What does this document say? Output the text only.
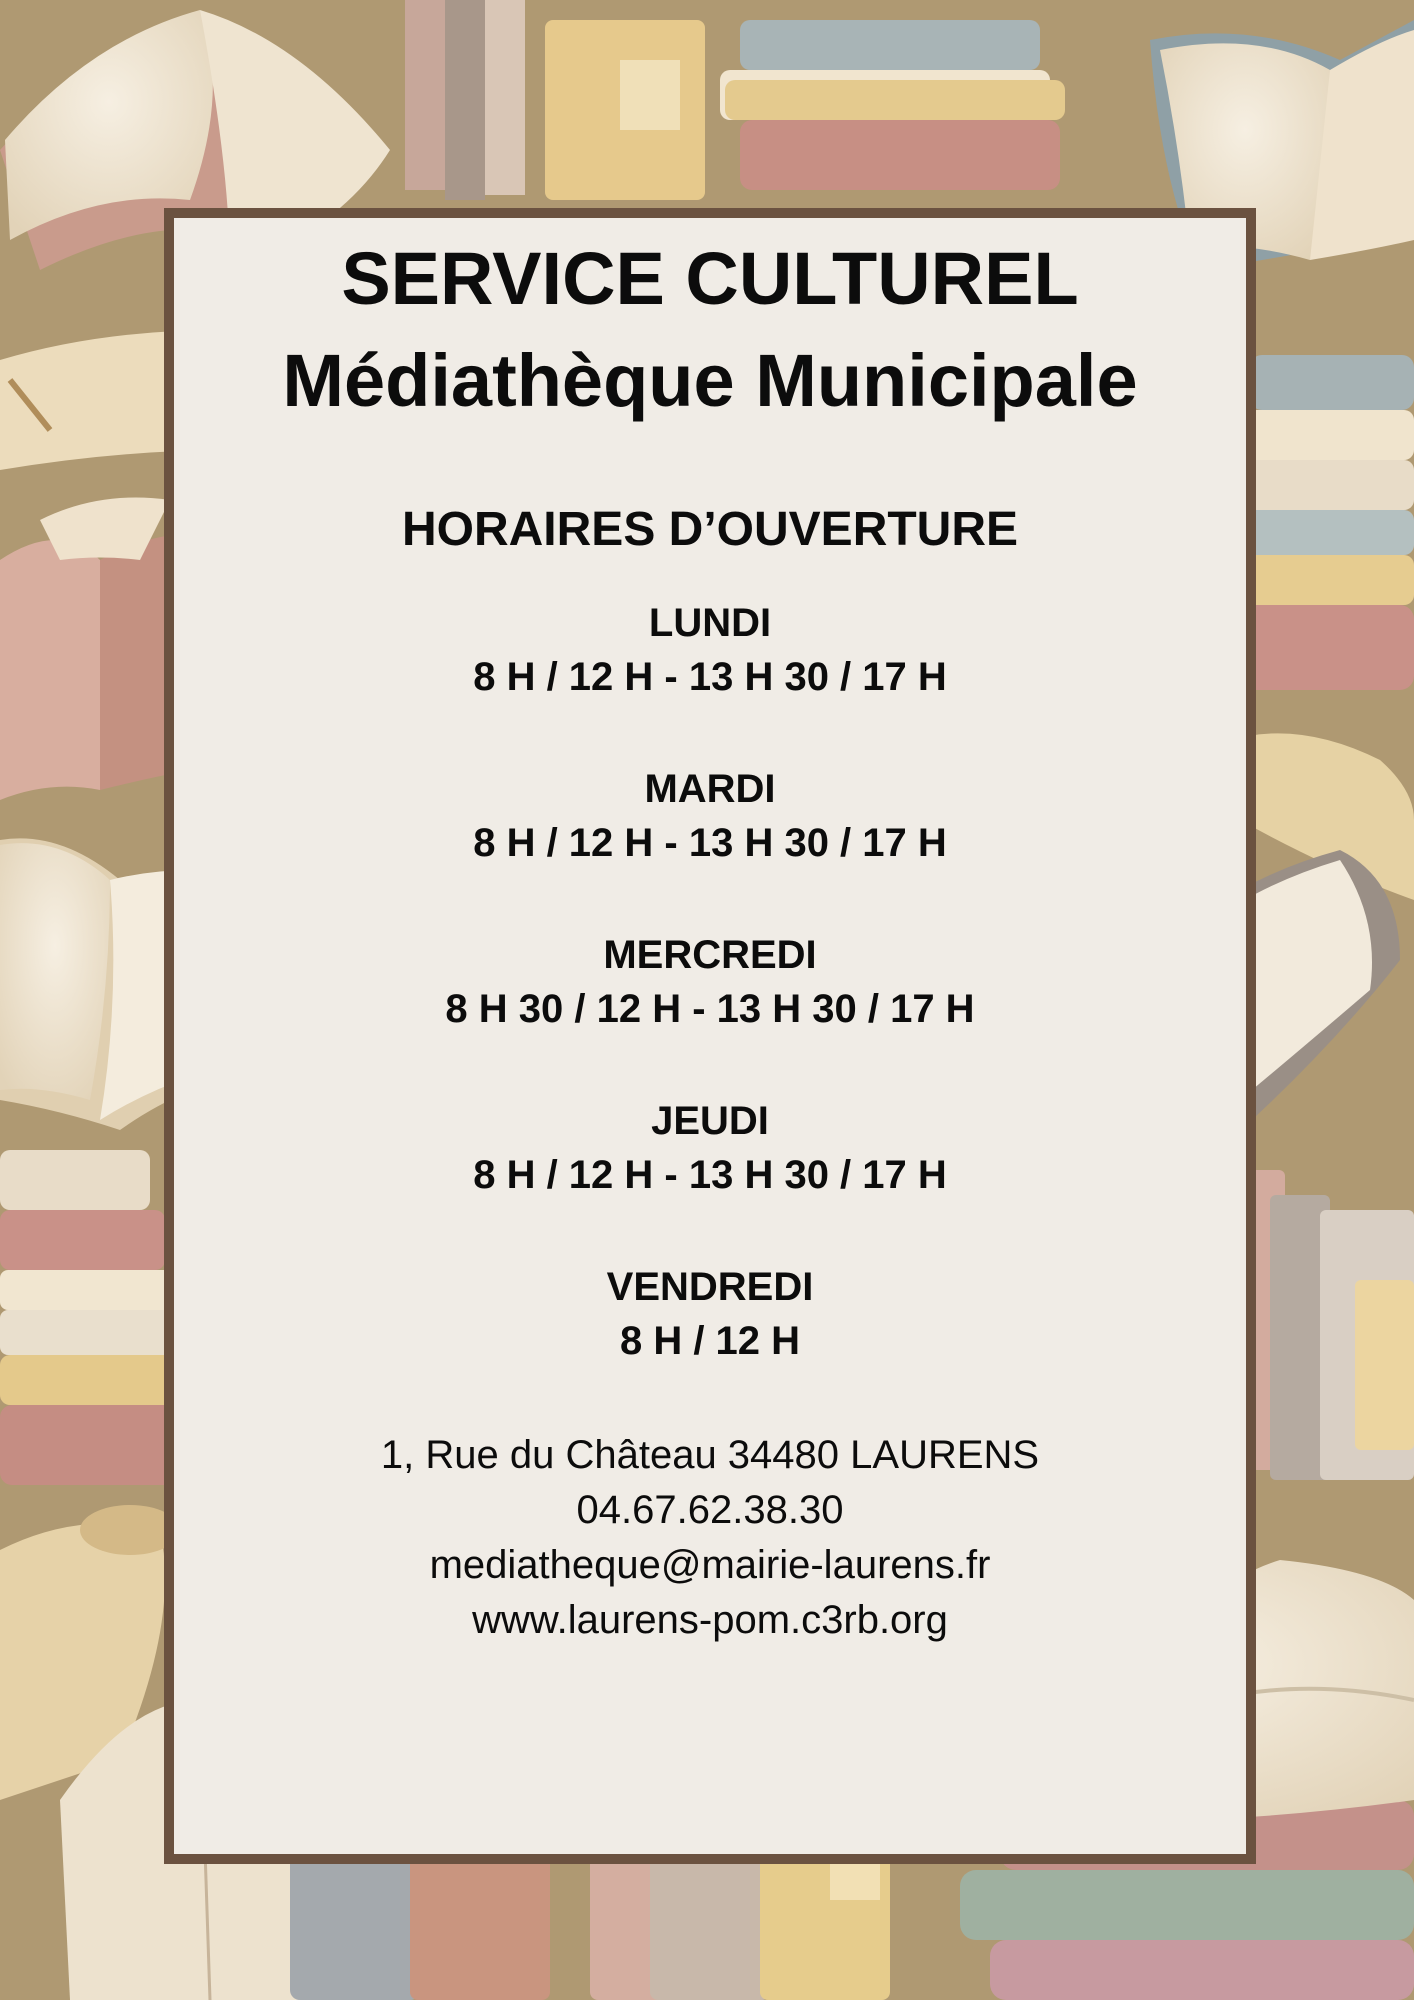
SERVICE CULTUREL
Médiathèque Municipale
HORAIRES D’OUVERTURE
LUNDI
8 H / 12 H - 13 H 30 / 17 H
MARDI
8 H / 12 H - 13 H 30 / 17 H
MERCREDI
8 H 30 / 12 H - 13 H 30 / 17 H
JEUDI
8 H / 12 H - 13 H 30 / 17 H
VENDREDI
8 H / 12 H
1, Rue du Château 34480 LAURENS
04.67.62.38.30
mediatheque@mairie-laurens.fr
www.laurens-pom.c3rb.org
